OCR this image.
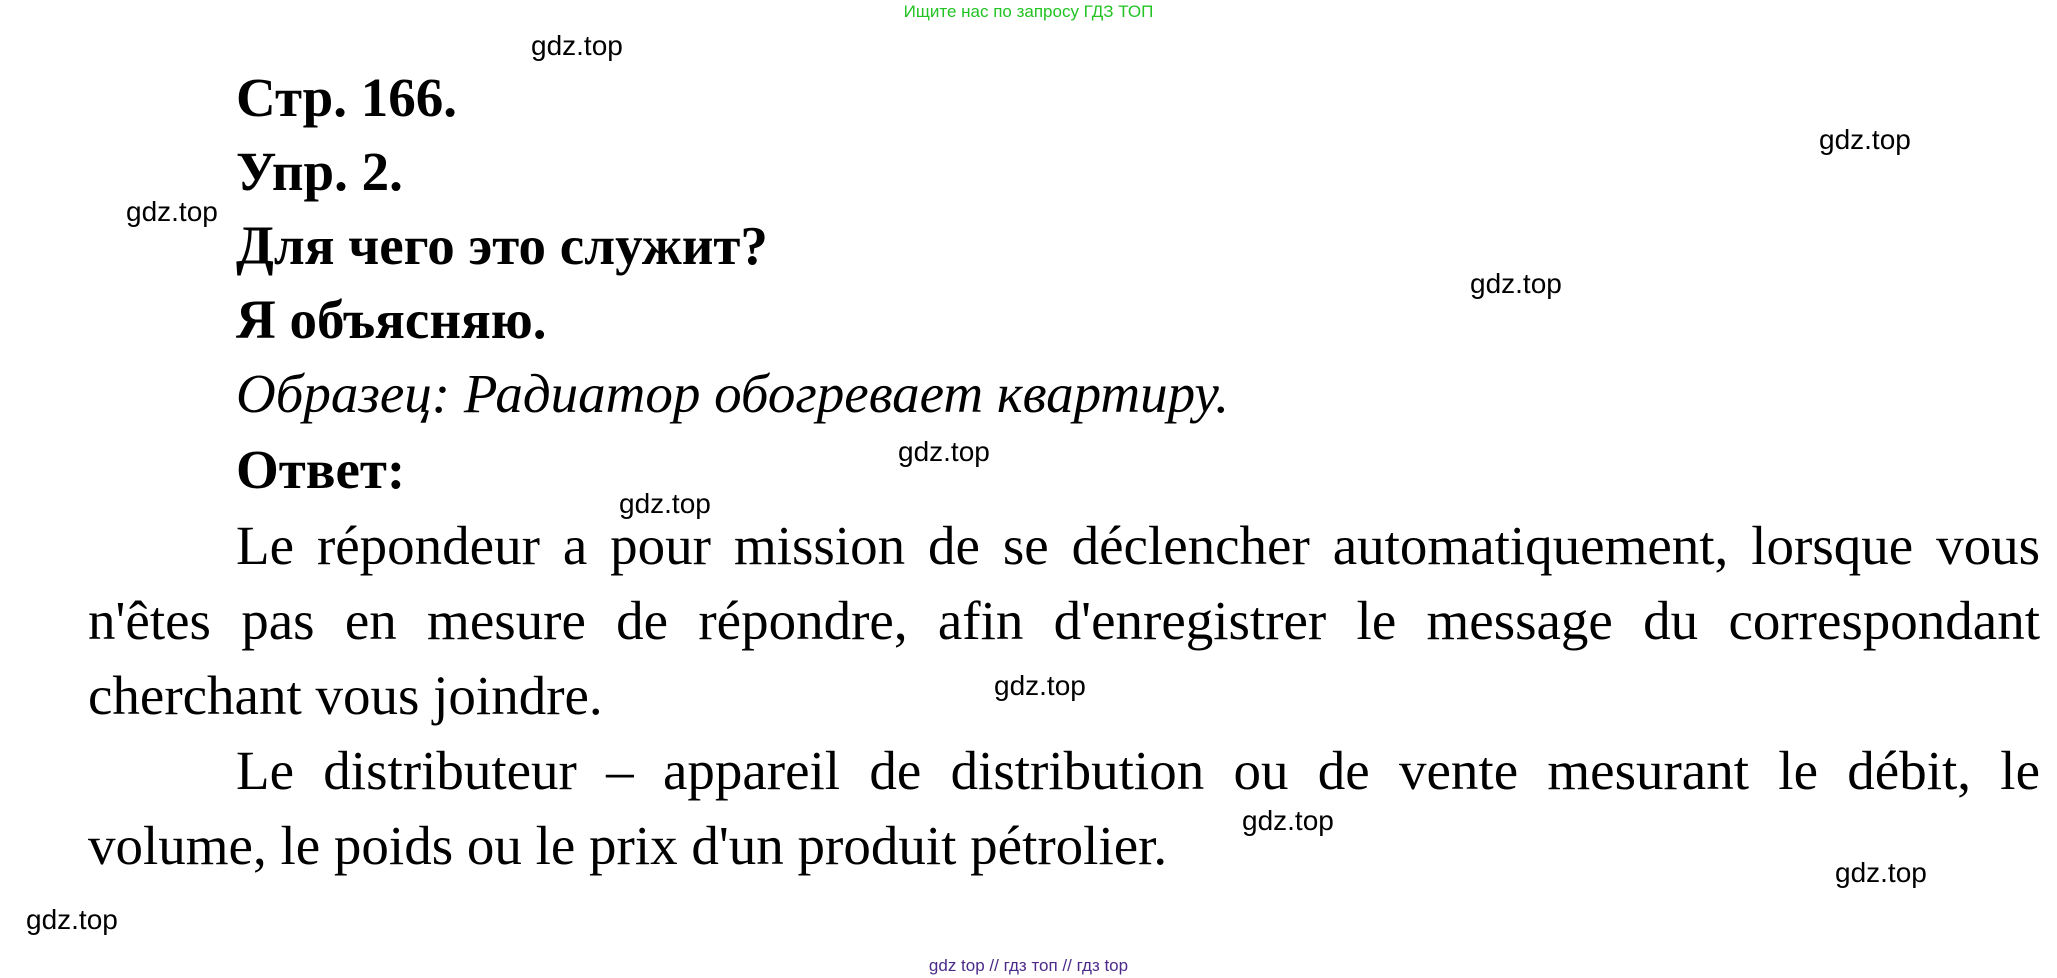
Ищите нас по запросу ГДЗ ТОП
Стр. 166.
Упр. 2.
Для чего это служит?
Я объясняю.
Образец: Радиатор обогревает квартиру.
Ответ:

Le répondeur a pour mission de se déclencher automatiquement, lorsque vous n'êtes pas en mesure de répondre, afin d'enregistrer le message du correspondant cherchant vous joindre.

Le distributeur – appareil de distribution ou de vente mesurant le débit, le volume, le poids ou le prix d'un produit pétrolier.

gdz.top
gdz.top
gdz.top
gdz.top
gdz.top
gdz.top
gdz.top
gdz.top
gdz.top
gdz.top
gdz top // гдз топ // гдз top
